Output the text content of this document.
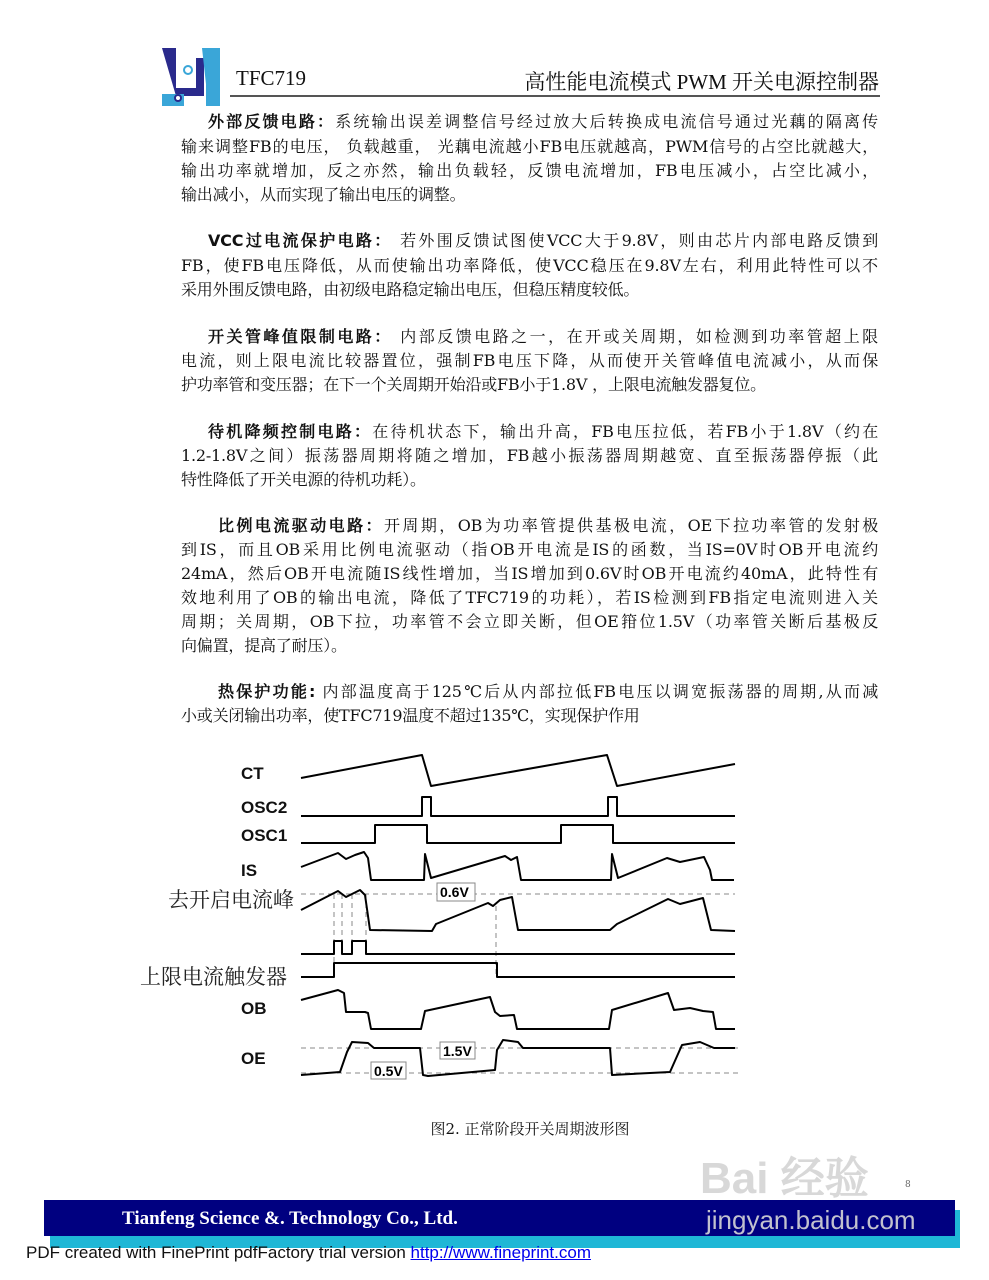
TFC719	高性能电流模式 PWM 开关电源控制器
外部反馈电路：系统输出误差调整信号经过放大后转换成电流信号通过光藕的隔离传
输来调整FB的电压， 负载越重， 光藕电流越小FB电压就越高，PWM信号的占空比就越大，
输出功率就增加，反之亦然，输出负载轻，反馈电流增加，FB电压减小，占空比减小，
输出减小，从而实现了输出电压的调整。
VCC过电流保护电路： 若外围反馈试图使VCC大于9.8V，则由芯片内部电路反馈到
FB，使FB电压降低，从而使输出功率降低，使VCC稳压在9.8V左右，利用此特性可以不
采用外围反馈电路，由初级电路稳定输出电压，但稳压精度较低。
开关管峰值限制电路： 内部反馈电路之一，在开或关周期，如检测到功率管超上限
电流，则上限电流比较器置位，强制FB电压下降，从而使开关管峰值电流减小，从而保
护功率管和变压器；在下一个关周期开始沿或FB小于1.8V ，上限电流触发器复位。
待机降频控制电路：在待机状态下，输出升高，FB电压拉低，若FB小于1.8V（约在
1.2-1.8V之间）振荡器周期将随之增加，FB越小振荡器周期越宽、直至振荡器停振（此
特性降低了开关电源的待机功耗）。
比例电流驱动电路：开周期，OB为功率管提供基极电流，OE下拉功率管的发射极
到IS，而且OB采用比例电流驱动（指OB开电流是IS的函数，当IS=0V时OB开电流约
24mA，然后OB开电流随IS线性增加，当IS增加到0.6V时OB开电流约40mA，此特性有
效地利用了OB的输出电流，降低了TFC719的功耗），若IS检测到FB指定电流则进入关
周期；关周期，OB下拉，功率管不会立即关断，但OE箝位1.5V（功率管关断后基极反
向偏置，提高了耐压）。
热保护功能: 内部温度高于125℃后从内部拉低FB电压以调宽振荡器的周期,从而减
小或关闭输出功率，使TFC719温度不超过135℃，实现保护作用
CT
OSC2
OSC1
IS
OB
OE
去开启电流峰
上限电流触发器
0.6V
1.5V
0.5V
图2. 正常阶段开关周期波形图
Tianfeng Science &. Technology Co., Ltd.
Bai 经验
jingyan.baidu.com
8
PDF created with FinePrint pdfFactory trial version http://www.fineprint.com
